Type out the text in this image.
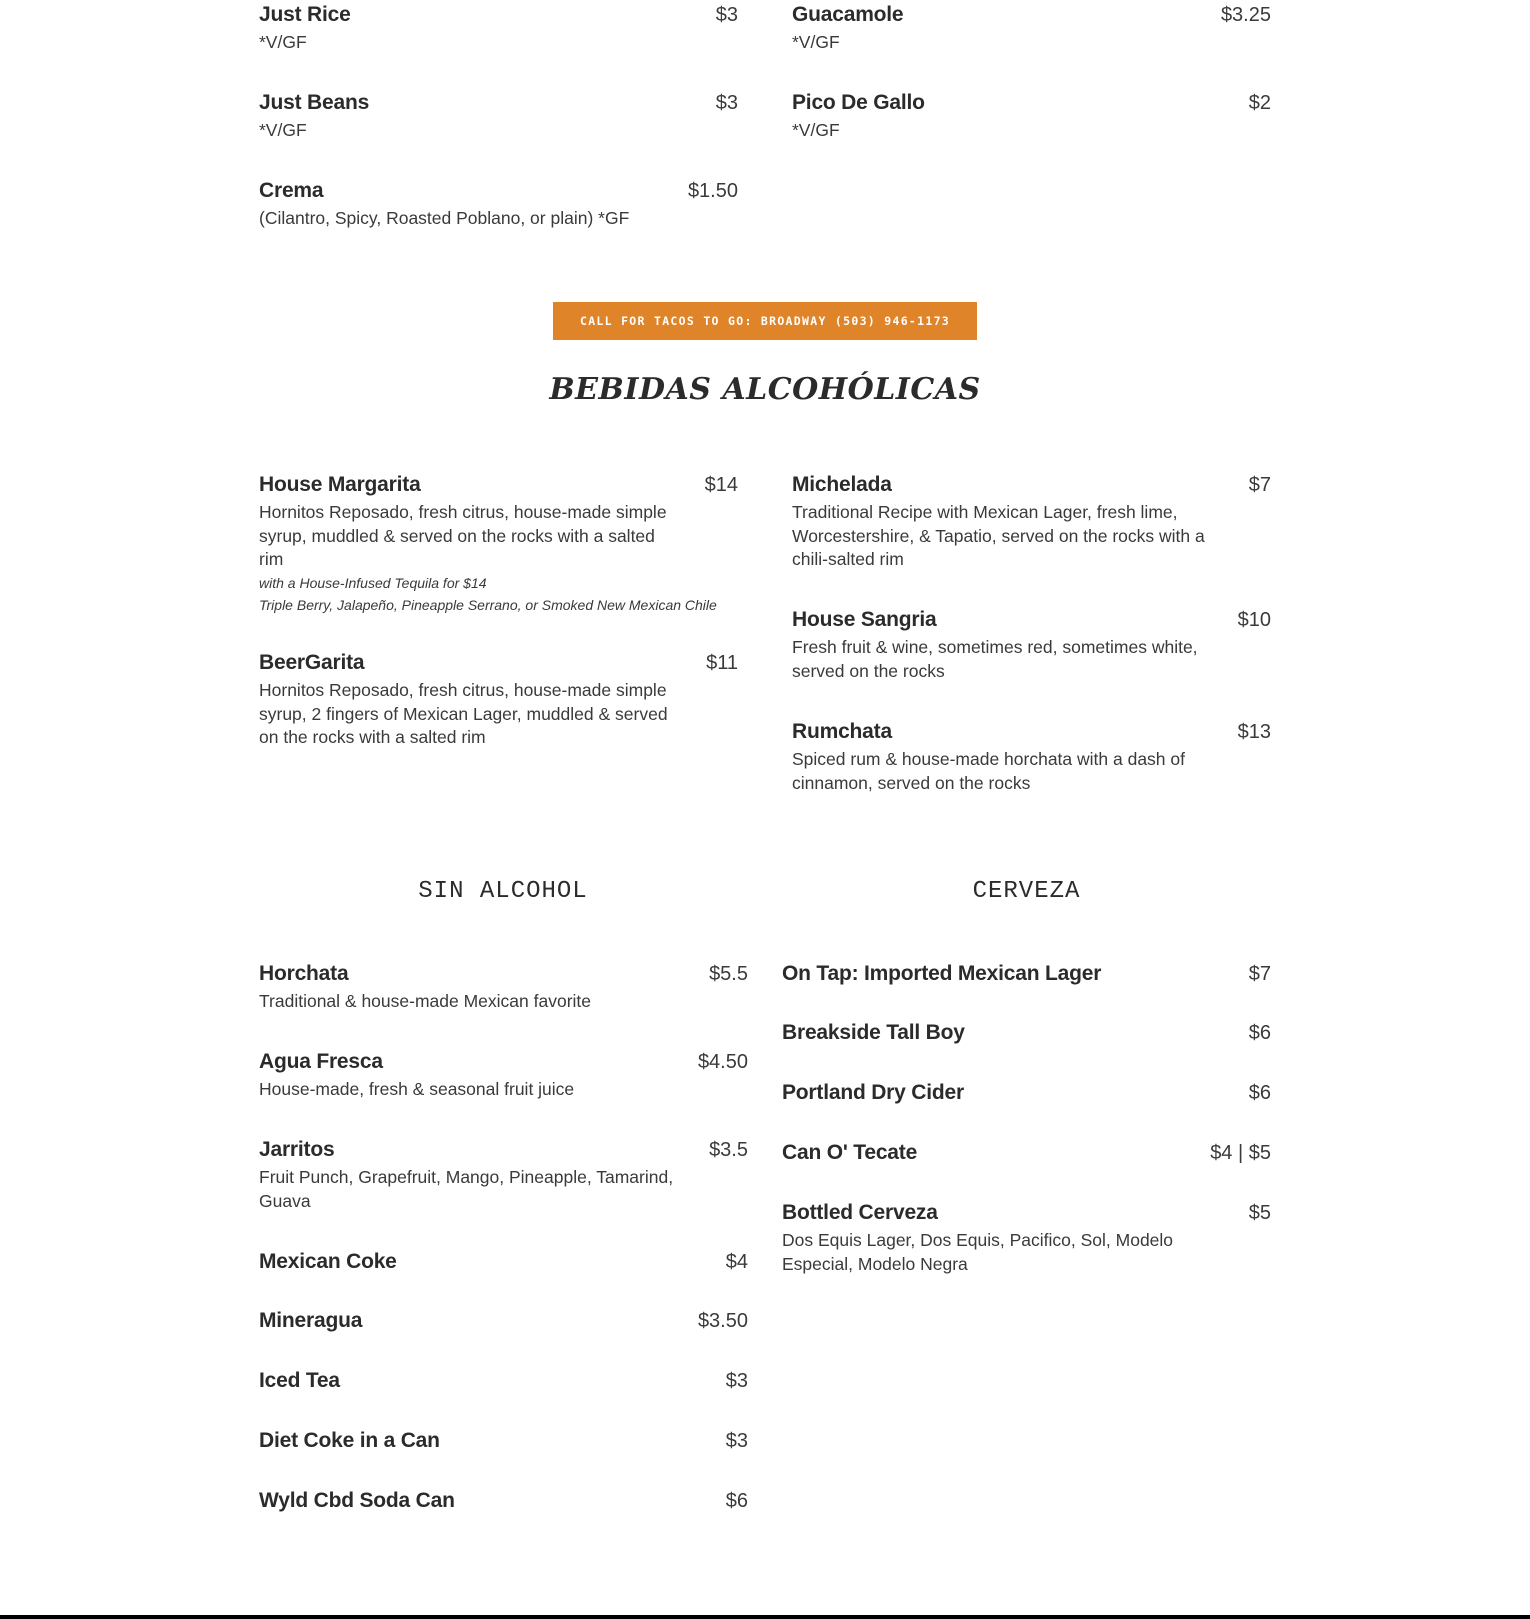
Just Rice	$3
*V/GF
Just Beans	$3
*V/GF
Crema	$1.50
(Cilantro, Spicy, Roasted Poblano, or plain) *GF
Guacamole	$3.25
*V/GF
Pico De Gallo	$2
*V/GF
CALL FOR TACOS TO GO: BROADWAY (503) 946-1173
BEBIDAS ALCOHÓLICAS
House Margarita	$14
Hornitos Reposado, fresh citrus, house-made simple syrup, muddled & served on the rocks with a salted rim
with a House-Infused Tequila for $14
Triple Berry, Jalapeño, Pineapple Serrano, or Smoked New Mexican Chile
BeerGarita	$11
Hornitos Reposado, fresh citrus, house-made simple syrup, 2 fingers of Mexican Lager, muddled & served on the rocks with a salted rim
Michelada	$7
Traditional Recipe with Mexican Lager, fresh lime, Worcestershire, & Tapatio, served on the rocks with a chili-salted rim
House Sangria	$10
Fresh fruit & wine, sometimes red, sometimes white, served on the rocks
Rumchata	$13
Spiced rum & house-made horchata with a dash of cinnamon, served on the rocks
SIN ALCOHOL	CERVEZA
Horchata	$5.5
Traditional & house-made Mexican favorite
Agua Fresca	$4.50
House-made, fresh & seasonal fruit juice
Jarritos	$3.5
Fruit Punch, Grapefruit, Mango, Pineapple, Tamarind, Guava
Mexican Coke	$4
Mineragua	$3.50
Iced Tea	$3
Diet Coke in a Can	$3
Wyld Cbd Soda Can	$6
On Tap: Imported Mexican Lager	$7
Breakside Tall Boy	$6
Portland Dry Cider	$6
Can O' Tecate	$4 | $5
Bottled Cerveza	$5
Dos Equis Lager, Dos Equis, Pacifico, Sol, Modelo Especial, Modelo Negra
